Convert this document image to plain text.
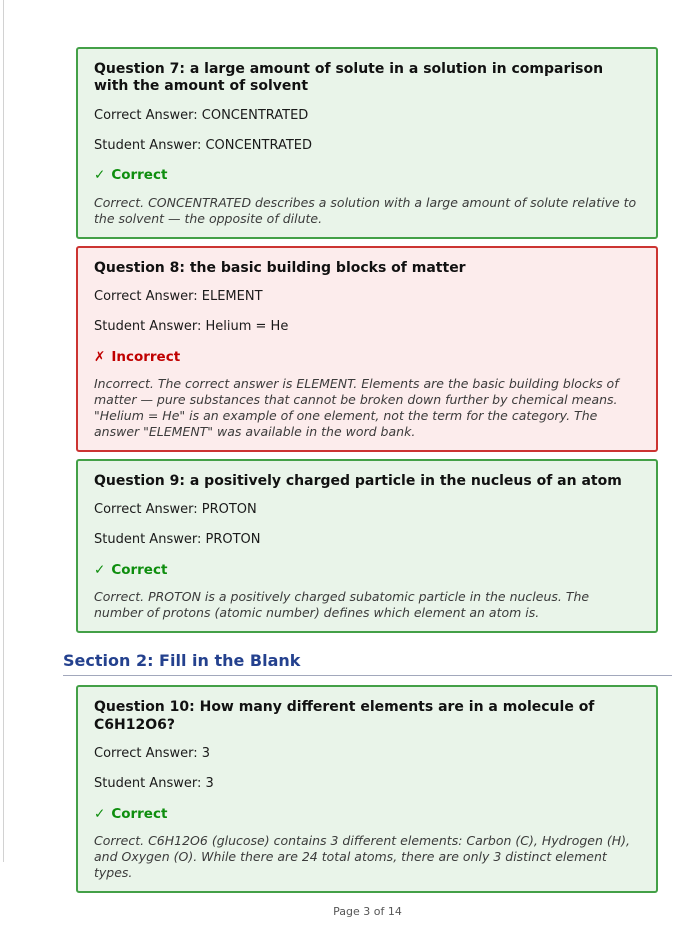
Question 7: a large amount of solute in a solution in comparison with the amount of solvent

Correct Answer: CONCENTRATED

Student Answer: CONCENTRATED

✓ Correct

Correct. CONCENTRATED describes a solution with a large amount of solute relative to the solvent — the opposite of dilute.

Question 8: the basic building blocks of matter

Correct Answer: ELEMENT

Student Answer: Helium = He

✗ Incorrect

Incorrect. The correct answer is ELEMENT. Elements are the basic building blocks of matter — pure substances that cannot be broken down further by chemical means. "Helium = He" is an example of one element, not the term for the category. The answer "ELEMENT" was available in the word bank.

Question 9: a positively charged particle in the nucleus of an atom

Correct Answer: PROTON

Student Answer: PROTON

✓ Correct

Correct. PROTON is a positively charged subatomic particle in the nucleus. The number of protons (atomic number) defines which element an atom is.

Section 2: Fill in the Blank

Question 10: How many different elements are in a molecule of C6H12O6?

Correct Answer: 3

Student Answer: 3

✓ Correct

Correct. C6H12O6 (glucose) contains 3 different elements: Carbon (C), Hydrogen (H), and Oxygen (O). While there are 24 total atoms, there are only 3 distinct element types.

Page 3 of 14
